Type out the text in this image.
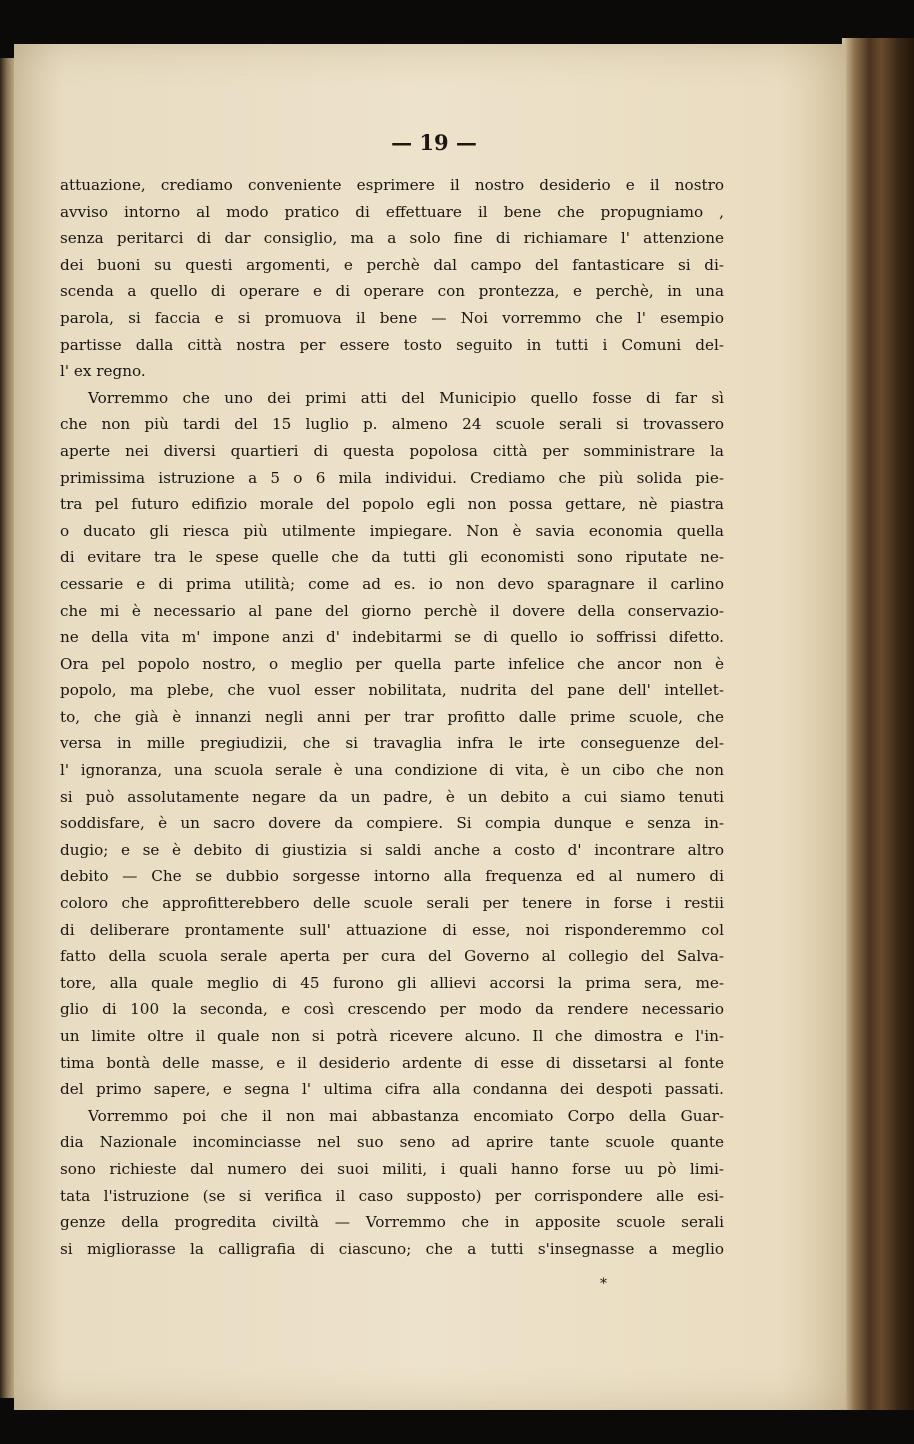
— 19 —
attuazione, crediamo conveniente esprimere il nostro desiderio e il nostro
avviso intorno al modo pratico di effettuare il bene che propugniamo ,
senza peritarci di dar consiglio, ma a solo fine di richiamare l' attenzione
dei buoni su questi argomenti, e perchè dal campo del fantasticare si di-
scenda a quello di operare e di operare con prontezza, e perchè, in una
parola, si faccia e si promuova il bene — Noi vorremmo che l' esempio
partisse dalla città nostra per essere tosto seguito in tutti i Comuni del-
l' ex regno.
Vorremmo che uno dei primi atti del Municipio quello fosse di far sì
che non più tardi del 15 luglio p. almeno 24 scuole serali si trovassero
aperte nei diversi quartieri di questa popolosa città per somministrare la
primissima istruzione a 5 o 6 mila individui. Crediamo che più solida pie-
tra pel futuro edifizio morale del popolo egli non possa gettare, nè piastra
o ducato gli riesca più utilmente impiegare. Non è savia economia quella
di evitare tra le spese quelle che da tutti gli economisti sono riputate ne-
cessarie e di prima utilità; come ad es. io non devo sparagnare il carlino
che mi è necessario al pane del giorno perchè il dovere della conservazio-
ne della vita m' impone anzi d' indebitarmi se di quello io soffrissi difetto.
Ora pel popolo nostro, o meglio per quella parte infelice che ancor non è
popolo, ma plebe, che vuol esser nobilitata, nudrita del pane dell' intellet-
to, che già è innanzi negli anni per trar profitto dalle prime scuole, che
versa in mille pregiudizii, che si travaglia infra le irte conseguenze del-
l' ignoranza, una scuola serale è una condizione di vita, è un cibo che non
si può assolutamente negare da un padre, è un debito a cui siamo tenuti
soddisfare, è un sacro dovere da compiere. Si compia dunque e senza in-
dugio; e se è debito di giustizia si saldi anche a costo d' incontrare altro
debito — Che se dubbio sorgesse intorno alla frequenza ed al numero di
coloro che approfitterebbero delle scuole serali per tenere in forse i restii
di deliberare prontamente sull' attuazione di esse, noi risponderemmo col
fatto della scuola serale aperta per cura del Governo al collegio del Salva-
tore, alla quale meglio di 45 furono gli allievi accorsi la prima sera, me-
glio di 100 la seconda, e così crescendo per modo da rendere necessario
un limite oltre il quale non si potrà ricevere alcuno. Il che dimostra e l'in-
tima bontà delle masse, e il desiderio ardente di esse di dissetarsi al fonte
del primo sapere, e segna l' ultima cifra alla condanna dei despoti passati.
Vorremmo poi che il non mai abbastanza encomiato Corpo della Guar-
dia Nazionale incominciasse nel suo seno ad aprire tante scuole quante
sono richieste dal numero dei suoi militi, i quali hanno forse uu pò limi-
tata l'istruzione (se si verifica il caso supposto) per corrispondere alle esi-
genze della progredita civiltà — Vorremmo che in apposite scuole serali
si migliorasse la calligrafia di ciascuno; che a tutti s'insegnasse a meglio
*
